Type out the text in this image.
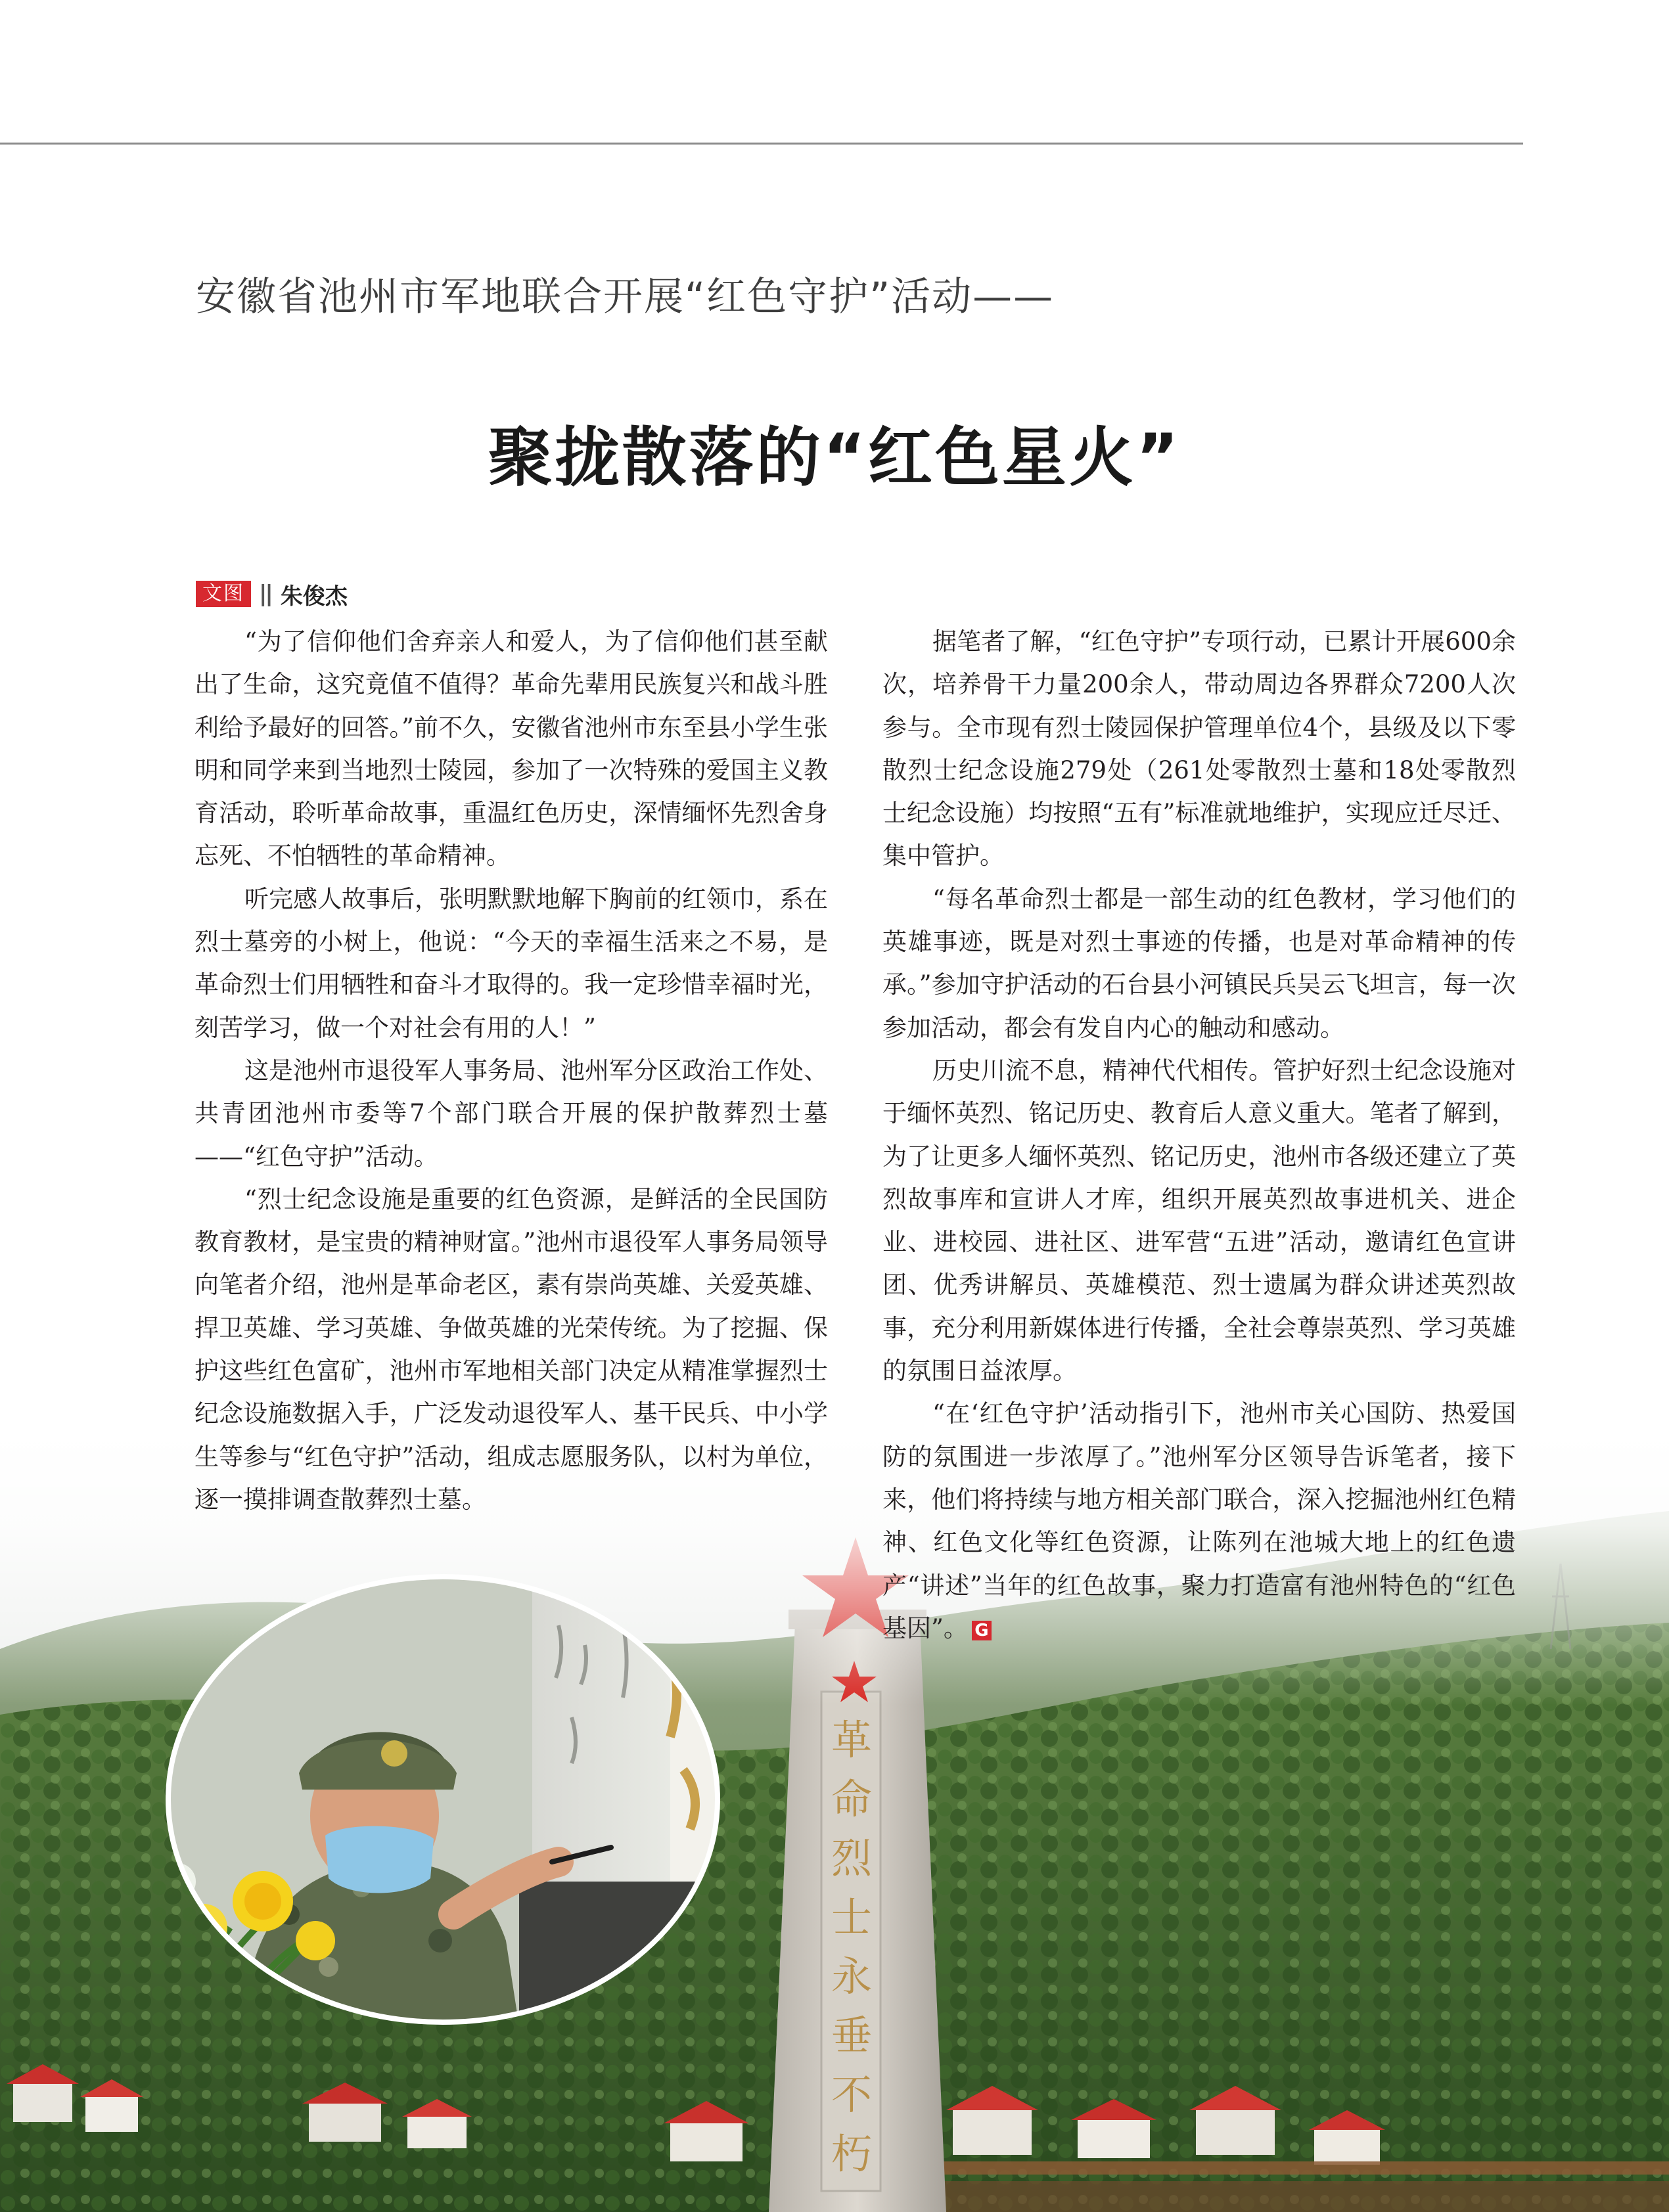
安徽省池州市军地联合开展“红色守护”活动——
聚拢散落的“红色星火”
文图 || 朱俊杰

“为了信仰他们舍弃亲人和爱人，为了信仰他们甚至献出了生命，这究竟值不值得？革命先辈用民族复兴和战斗胜利给予最好的回答。”前不久，安徽省池州市东至县小学生张明和同学来到当地烈士陵园，参加了一次特殊的爱国主义教育活动，聆听革命故事，重温红色历史，深情缅怀先烈舍身忘死、不怕牺牲的革命精神。

听完感人故事后，张明默默地解下胸前的红领巾，系在烈士墓旁的小树上，他说：“今天的幸福生活来之不易，是革命烈士们用牺牲和奋斗才取得的。我一定珍惜幸福时光，刻苦学习，做一个对社会有用的人！”

这是池州市退役军人事务局、池州军分区政治工作处、共青团池州市委等7个部门联合开展的保护散葬烈士墓——“红色守护”活动。

“烈士纪念设施是重要的红色资源，是鲜活的全民国防教育教材，是宝贵的精神财富。”池州市退役军人事务局领导向笔者介绍，池州是革命老区，素有崇尚英雄、关爱英雄、捍卫英雄、学习英雄、争做英雄的光荣传统。为了挖掘、保护这些红色富矿，池州市军地相关部门决定从精准掌握烈士纪念设施数据入手，广泛发动退役军人、基干民兵、中小学生等参与“红色守护”活动，组成志愿服务队，以村为单位，逐一摸排调查散葬烈士墓。

据笔者了解，“红色守护”专项行动，已累计开展600余次，培养骨干力量200余人，带动周边各界群众7200人次参与。全市现有烈士陵园保护管理单位4个，县级及以下零散烈士纪念设施279处（261处零散烈士墓和18处零散烈士纪念设施）均按照“五有”标准就地维护，实现应迁尽迁、集中管护。

“每名革命烈士都是一部生动的红色教材，学习他们的英雄事迹，既是对烈士事迹的传播，也是对革命精神的传承。”参加守护活动的石台县小河镇民兵吴云飞坦言，每一次参加活动，都会有发自内心的触动和感动。

历史川流不息，精神代代相传。管护好烈士纪念设施对于缅怀英烈、铭记历史、教育后人意义重大。笔者了解到，为了让更多人缅怀英烈、铭记历史，池州市各级还建立了英烈故事库和宣讲人才库，组织开展英烈故事进机关、进企业、进校园、进社区、进军营“五进”活动，邀请红色宣讲团、优秀讲解员、英雄模范、烈士遗属为群众讲述英烈故事，充分利用新媒体进行传播，全社会尊崇英烈、学习英雄的氛围日益浓厚。

“在‘红色守护’活动指引下，池州市关心国防、热爱国防的氛围进一步浓厚了。”池州军分区领导告诉笔者，接下来，他们将持续与地方相关部门联合，深入挖掘池州红色精神、红色文化等红色资源，让陈列在池城大地上的红色遗产“讲述”当年的红色故事，聚力打造富有池州特色的“红色基因”。 G
